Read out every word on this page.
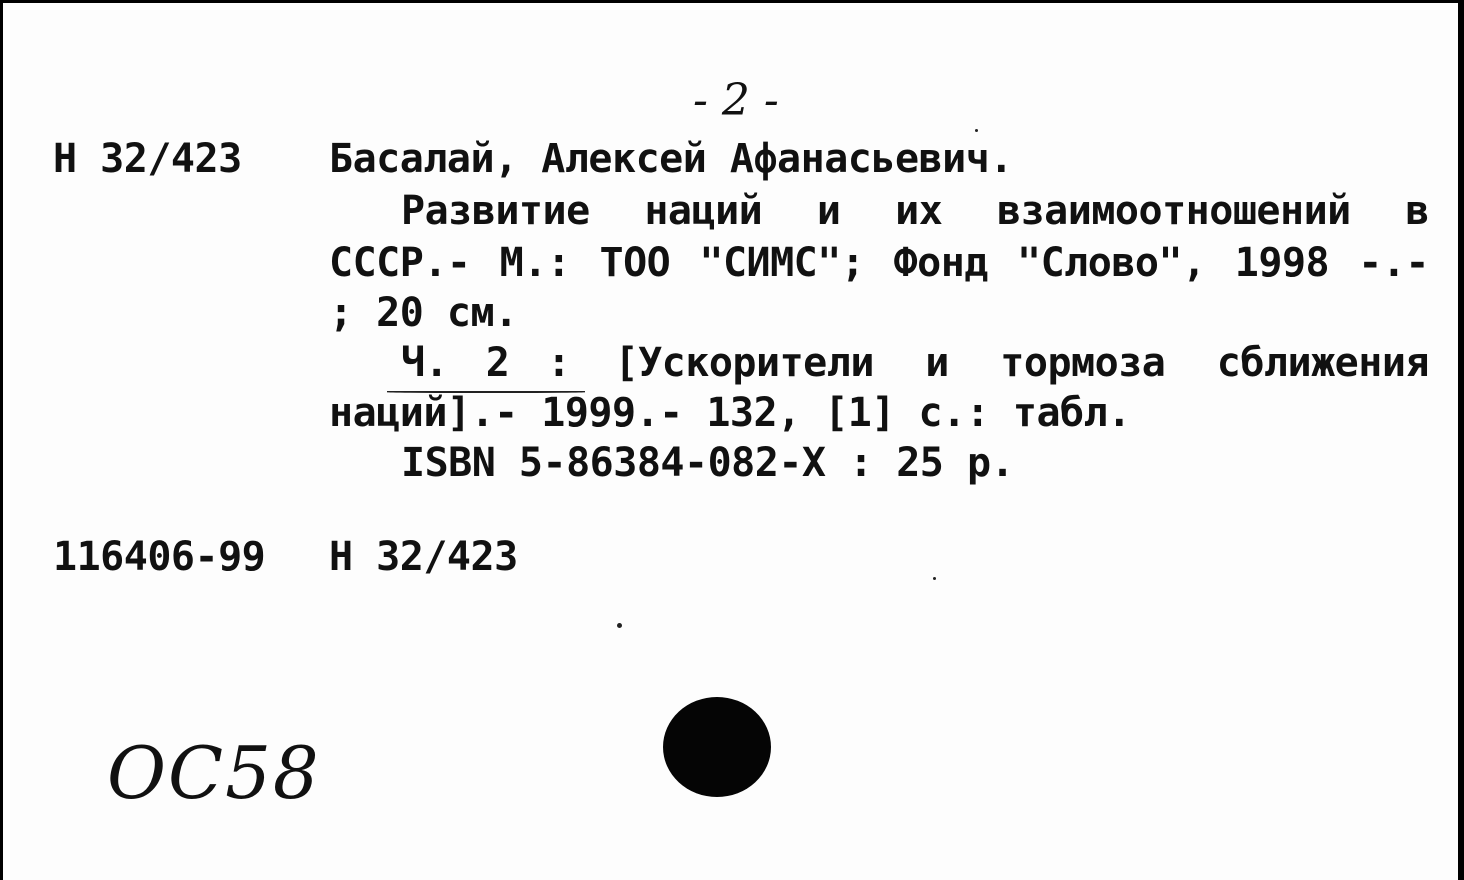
- 2 -
Н 32/423 Басалай, Алексей Афанасьевич.
Развитие наций и их взаимоотношений в
СССР.- М.: ТОО "СИМС"; Фонд "Слово", 1998 -.-
; 20 см.
Ч. 2 : [Ускорители и тормоза сближения
наций].- 1999.- 132, [1] с.: табл.
ISBN 5-86384-082-X : 25 р.
116406-99 Н 32/423
ОС58
